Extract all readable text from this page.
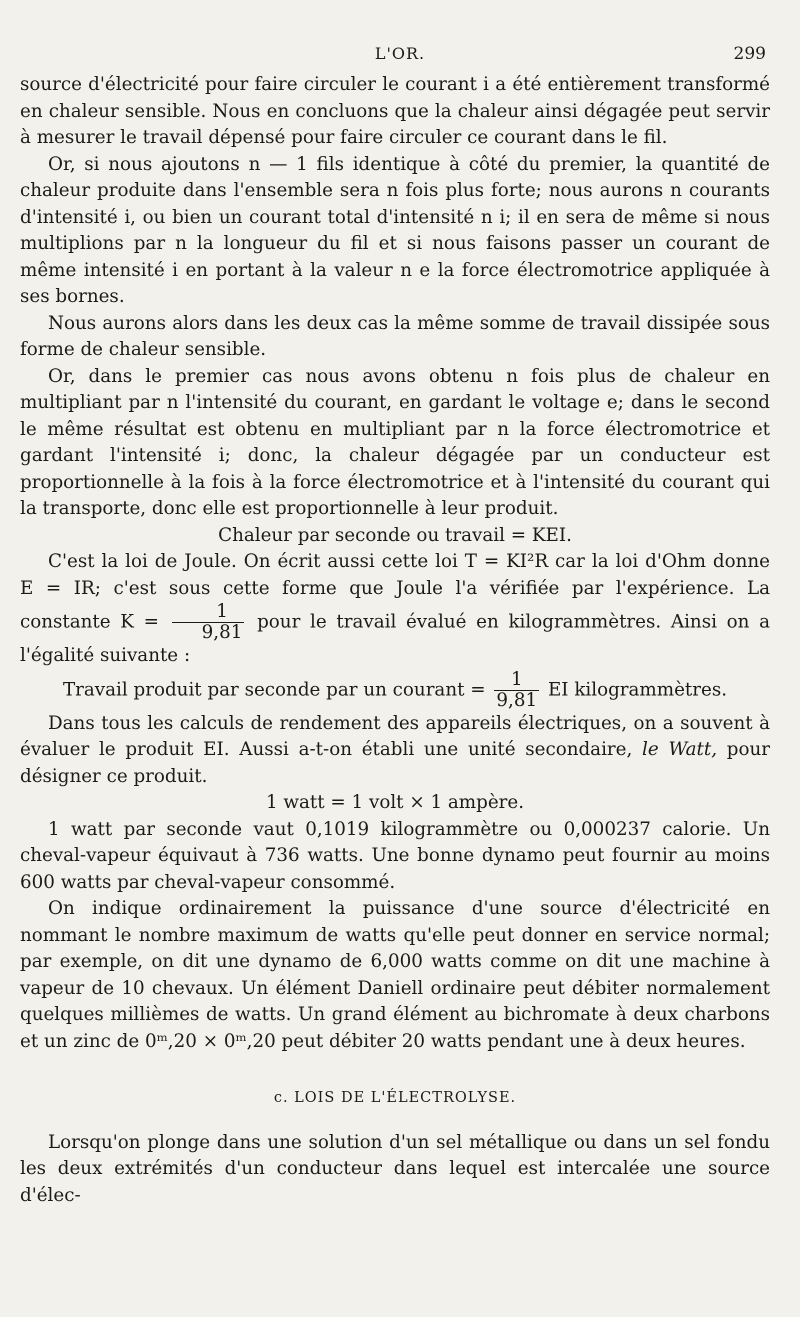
L'OR.	299

source d'électricité pour faire circuler le courant i a été entièrement transformé en chaleur sensible. Nous en concluons que la chaleur ainsi dégagée peut servir à mesurer le travail dépensé pour faire circuler ce courant dans le fil.

Or, si nous ajoutons n — 1 fils identique à côté du premier, la quantité de chaleur produite dans l'ensemble sera n fois plus forte; nous aurons n courants d'intensité i, ou bien un courant total d'intensité n i; il en sera de même si nous multiplions par n la longueur du fil et si nous faisons passer un courant de même intensité i en portant à la valeur n e la force électromotrice appliquée à ses bornes.

Nous aurons alors dans les deux cas la même somme de travail dissipée sous forme de chaleur sensible.

Or, dans le premier cas nous avons obtenu n fois plus de chaleur en multipliant par n l'intensité du courant, en gardant le voltage e; dans le second le même résultat est obtenu en multipliant par n la force électromotrice et gardant l'intensité i; donc, la chaleur dégagée par un conducteur est proportionnelle à la fois à la force électromotrice et à l'intensité du courant qui la transporte, donc elle est proportionnelle à leur produit.

Chaleur par seconde ou travail = KEI.

C'est la loi de Joule. On écrit aussi cette loi T = KI²R car la loi d'Ohm donne E = IR; c'est sous cette forme que Joule l'a vérifiée par l'expérience. La constante $K = \frac{1}{9,81}$ pour le travail évalué en kilogrammètres. Ainsi on a l'égalité suivante :

Travail produit par seconde par un courant = $\frac{1}{9,81}$ EI kilogrammètres.

Dans tous les calculs de rendement des appareils électriques, on a souvent à évaluer le produit EI. Aussi a-t-on établi une unité secondaire, le Watt, pour désigner ce produit.

1 watt = 1 volt × 1 ampère.

1 watt par seconde vaut 0,1019 kilogrammètre ou 0,000237 calorie. Un cheval-vapeur équivaut à 736 watts. Une bonne dynamo peut fournir au moins 600 watts par cheval-vapeur consommé.

On indique ordinairement la puissance d'une source d'électricité en nommant le nombre maximum de watts qu'elle peut donner en service normal; par exemple, on dit une dynamo de 6,000 watts comme on dit une machine à vapeur de 10 chevaux. Un élément Daniell ordinaire peut débiter normalement quelques millièmes de watts. Un grand élément au bichromate à deux charbons et un zinc de 0ᵐ,20 × 0ᵐ,20 peut débiter 20 watts pendant une à deux heures.

c. LOIS DE L'ÉLECTROLYSE.

Lorsqu'on plonge dans une solution d'un sel métallique ou dans un sel fondu les deux extrémités d'un conducteur dans lequel est intercalée une source d'élec-
